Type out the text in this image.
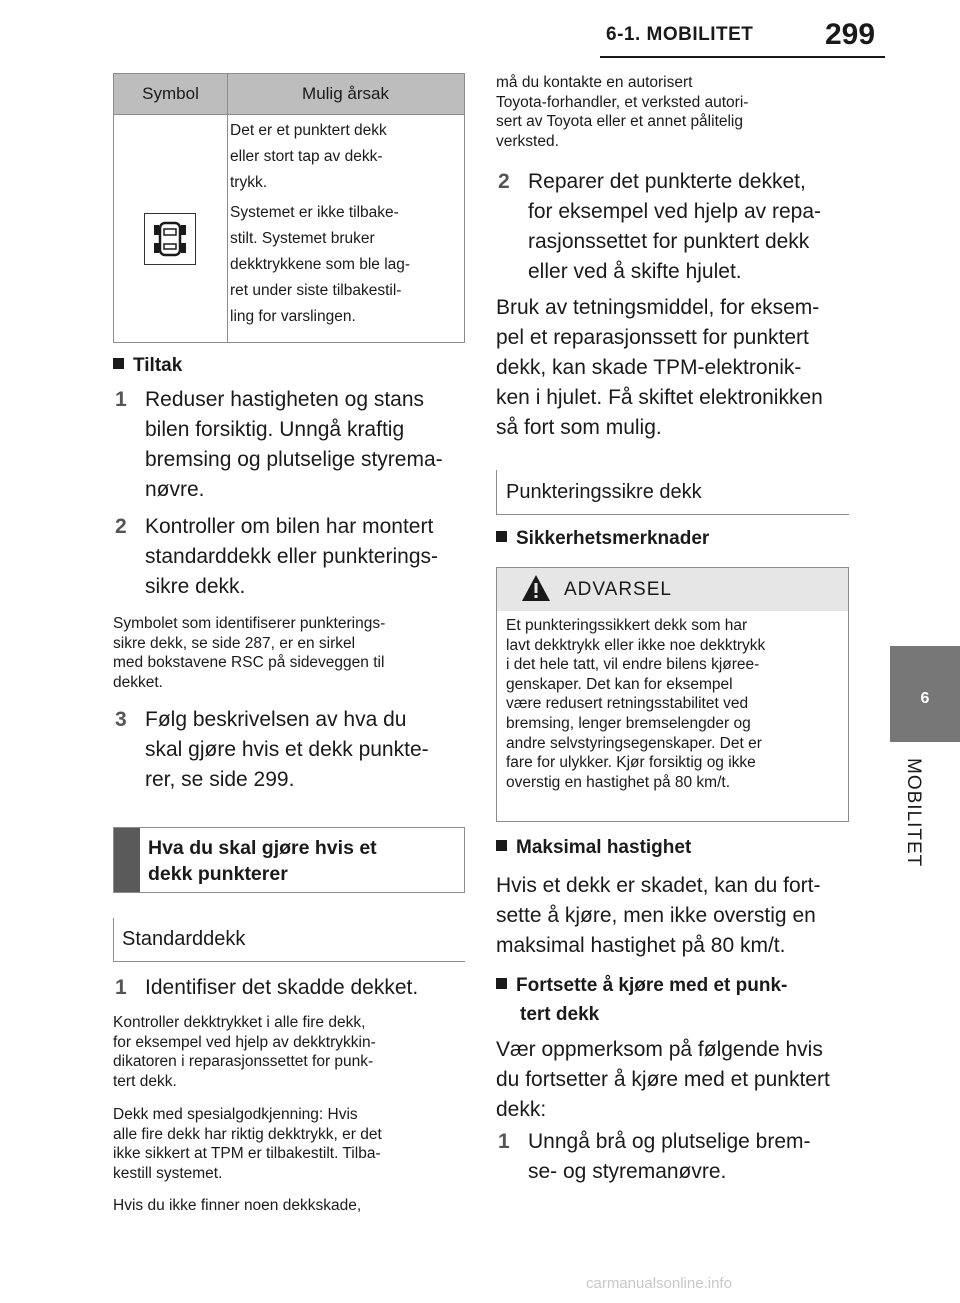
6-1. MOBILITET 299
6
MOBILITET
Symbol	Mulig årsak
Det er et punktert dekk
eller stort tap av dekk-
trykk.
Systemet er ikke tilbake-
stilt. Systemet bruker
dekktrykkene som ble lag-
ret under siste tilbakestil-
ling for varslingen.
Tiltak
1 Reduser hastigheten og stans
bilen forsiktig. Unngå kraftig
bremsing og plutselige styrema-
nøvre.
2 Kontroller om bilen har montert
standarddekk eller punkterings-
sikre dekk.
Symbolet som identifiserer punkterings-
sikre dekk, se side 287, er en sirkel
med bokstavene RSC på sideveggen til
dekket.
3 Følg beskrivelsen av hva du
skal gjøre hvis et dekk punkte-
rer, se side 299.
Hva du skal gjøre hvis et
dekk punkterer
Standarddekk
1 Identifiser det skadde dekket.
Kontroller dekktrykket i alle fire dekk,
for eksempel ved hjelp av dekktrykkin-
dikatoren i reparasjonssettet for punk-
tert dekk.
Dekk med spesialgodkjenning: Hvis
alle fire dekk har riktig dekktrykk, er det
ikke sikkert at TPM er tilbakestilt. Tilba-
kestill systemet.
Hvis du ikke finner noen dekkskade,
må du kontakte en autorisert
Toyota-forhandler, et verksted autori-
sert av Toyota eller et annet pålitelig
verksted.
2 Reparer det punkterte dekket,
for eksempel ved hjelp av repa-
rasjonssettet for punktert dekk
eller ved å skifte hjulet.
Bruk av tetningsmiddel, for eksem-
pel et reparasjonssett for punktert
dekk, kan skade TPM-elektronik-
ken i hjulet. Få skiftet elektronikken
så fort som mulig.
Punkteringssikre dekk
Sikkerhetsmerknader
ADVARSEL
Et punkteringssikkert dekk som har
lavt dekktrykk eller ikke noe dekktrykk
i det hele tatt, vil endre bilens kjøree-
genskaper. Det kan for eksempel
være redusert retningsstabilitet ved
bremsing, lenger bremselengder og
andre selvstyringsegenskaper. Det er
fare for ulykker. Kjør forsiktig og ikke
overstig en hastighet på 80 km/t.
Maksimal hastighet
Hvis et dekk er skadet, kan du fort-
sette å kjøre, men ikke overstig en
maksimal hastighet på 80 km/t.
Fortsette å kjøre med et punk-
tert dekk
Vær oppmerksom på følgende hvis
du fortsetter å kjøre med et punktert
dekk:
1 Unngå brå og plutselige brem-
se- og styremanøvre.
carmanualsonline.info
